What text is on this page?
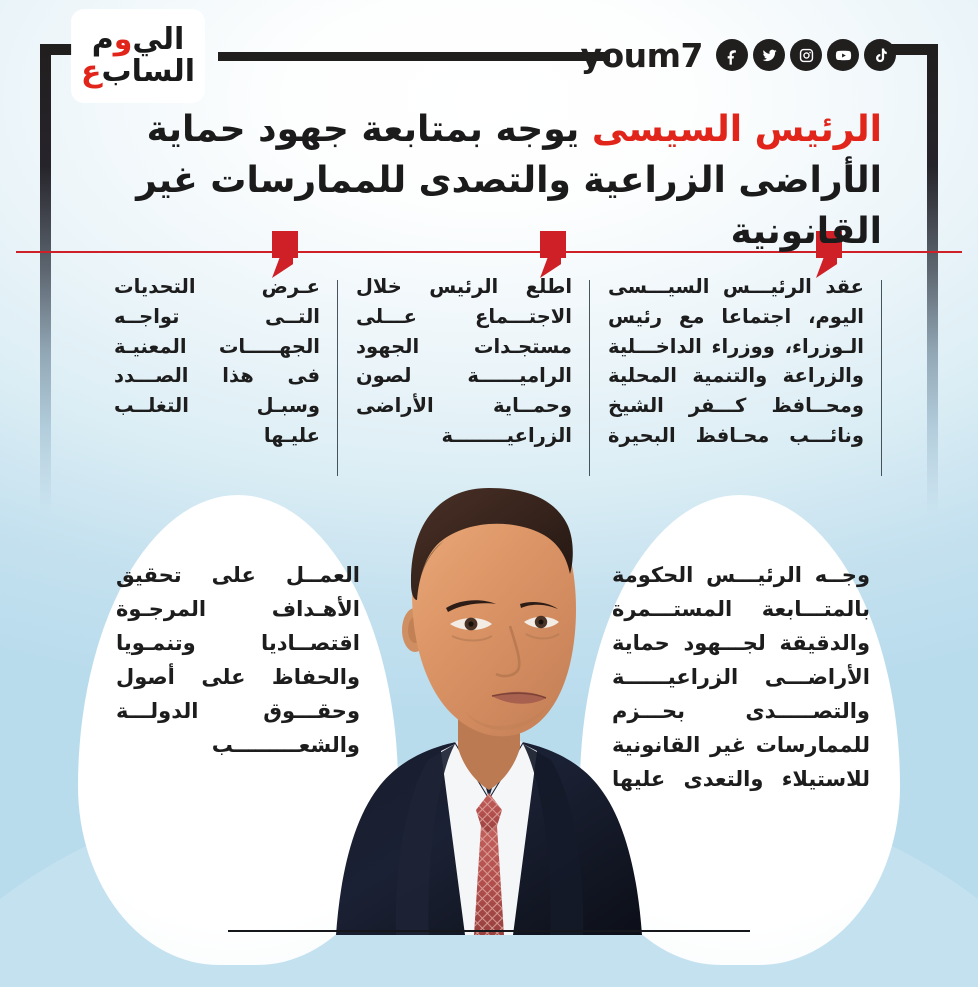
الي
و
م
الساب
ع	youm7
الرئيس السيسى يوجه بمتابعة جهود حماية الأراضى الزراعية والتصدى للممارسات غير القانونية
عقد الرئيـــس السيـــسى اليوم، اجتماعا مع رئيس الـوزراء، ووزراء الداخـــلية والزراعة والتنمية المحلية ومحــافظ كـــفر الشيخ ونائـــب محـافظ البحيرة
اطلع الرئيس خلال الاجتـــماع عـــلى مستجـدات الجهود الراميــــــة لصون وحمــاية الأراضى الزراعيــــــــة
عـرض التحديات التــى تواجــه الجهـــــات المعنيـة فى هذا الصـــدد وسبـل التغلــب عليـها
العمــل على تحقيق الأهـداف المرجـوة اقتصــاديا وتنمـويا والحفاظ على أصول وحقـــوق الدولـــة والشعـــــــــب
وجــه الرئيـــس الحكومة بالمتـــابعة المستـــمرة والدقيقة لجـــهود حماية الأراضـــى الزراعيــــــة والتصـــــدى بحـــزم للممارسات غير القانونية للاستيلاء والتعدى عليها
